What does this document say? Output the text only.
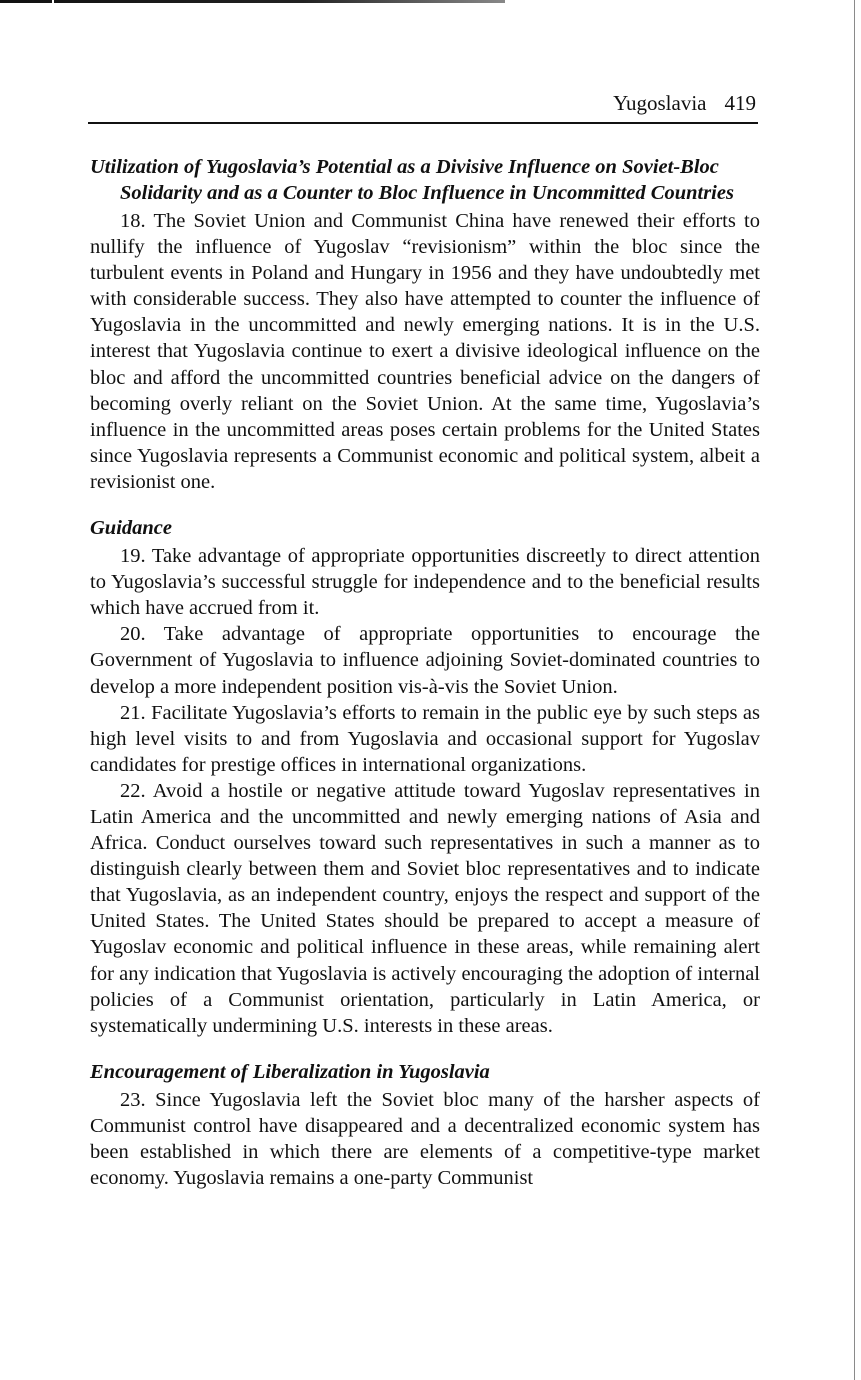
Yugoslavia 419
Utilization of Yugoslavia’s Potential as a Divisive Influence on Soviet-Bloc Solidarity and as a Counter to Bloc Influence in Uncommitted Countries

18. The Soviet Union and Communist China have renewed their efforts to nullify the influence of Yugoslav “revisionism” within the bloc since the turbulent events in Poland and Hungary in 1956 and they have undoubtedly met with considerable success. They also have attempted to counter the influence of Yugoslavia in the uncommitted and newly emerging nations. It is in the U.S. interest that Yugoslavia continue to exert a divisive ideological influence on the bloc and afford the uncommitted countries beneficial advice on the dangers of becoming overly reliant on the Soviet Union. At the same time, Yugoslavia’s influence in the uncommitted areas poses certain problems for the United States since Yugoslavia represents a Communist economic and political system, albeit a revisionist one.

Guidance

19. Take advantage of appropriate opportunities discreetly to direct attention to Yugoslavia’s successful struggle for independence and to the beneficial results which have accrued from it.

20. Take advantage of appropriate opportunities to encourage the Government of Yugoslavia to influence adjoining Soviet-dominated countries to develop a more independent position vis-à-vis the Soviet Union.

21. Facilitate Yugoslavia’s efforts to remain in the public eye by such steps as high level visits to and from Yugoslavia and occasional support for Yugoslav candidates for prestige offices in international organizations.

22. Avoid a hostile or negative attitude toward Yugoslav representatives in Latin America and the uncommitted and newly emerging nations of Asia and Africa. Conduct ourselves toward such representatives in such a manner as to distinguish clearly between them and Soviet bloc representatives and to indicate that Yugoslavia, as an independent country, enjoys the respect and support of the United States. The United States should be prepared to accept a measure of Yugoslav economic and political influence in these areas, while remaining alert for any indication that Yugoslavia is actively encouraging the adoption of internal policies of a Communist orientation, particularly in Latin America, or systematically undermining U.S. interests in these areas.

Encouragement of Liberalization in Yugoslavia

23. Since Yugoslavia left the Soviet bloc many of the harsher aspects of Communist control have disappeared and a decentralized economic system has been established in which there are elements of a competitive-type market economy. Yugoslavia remains a one-party Communist
